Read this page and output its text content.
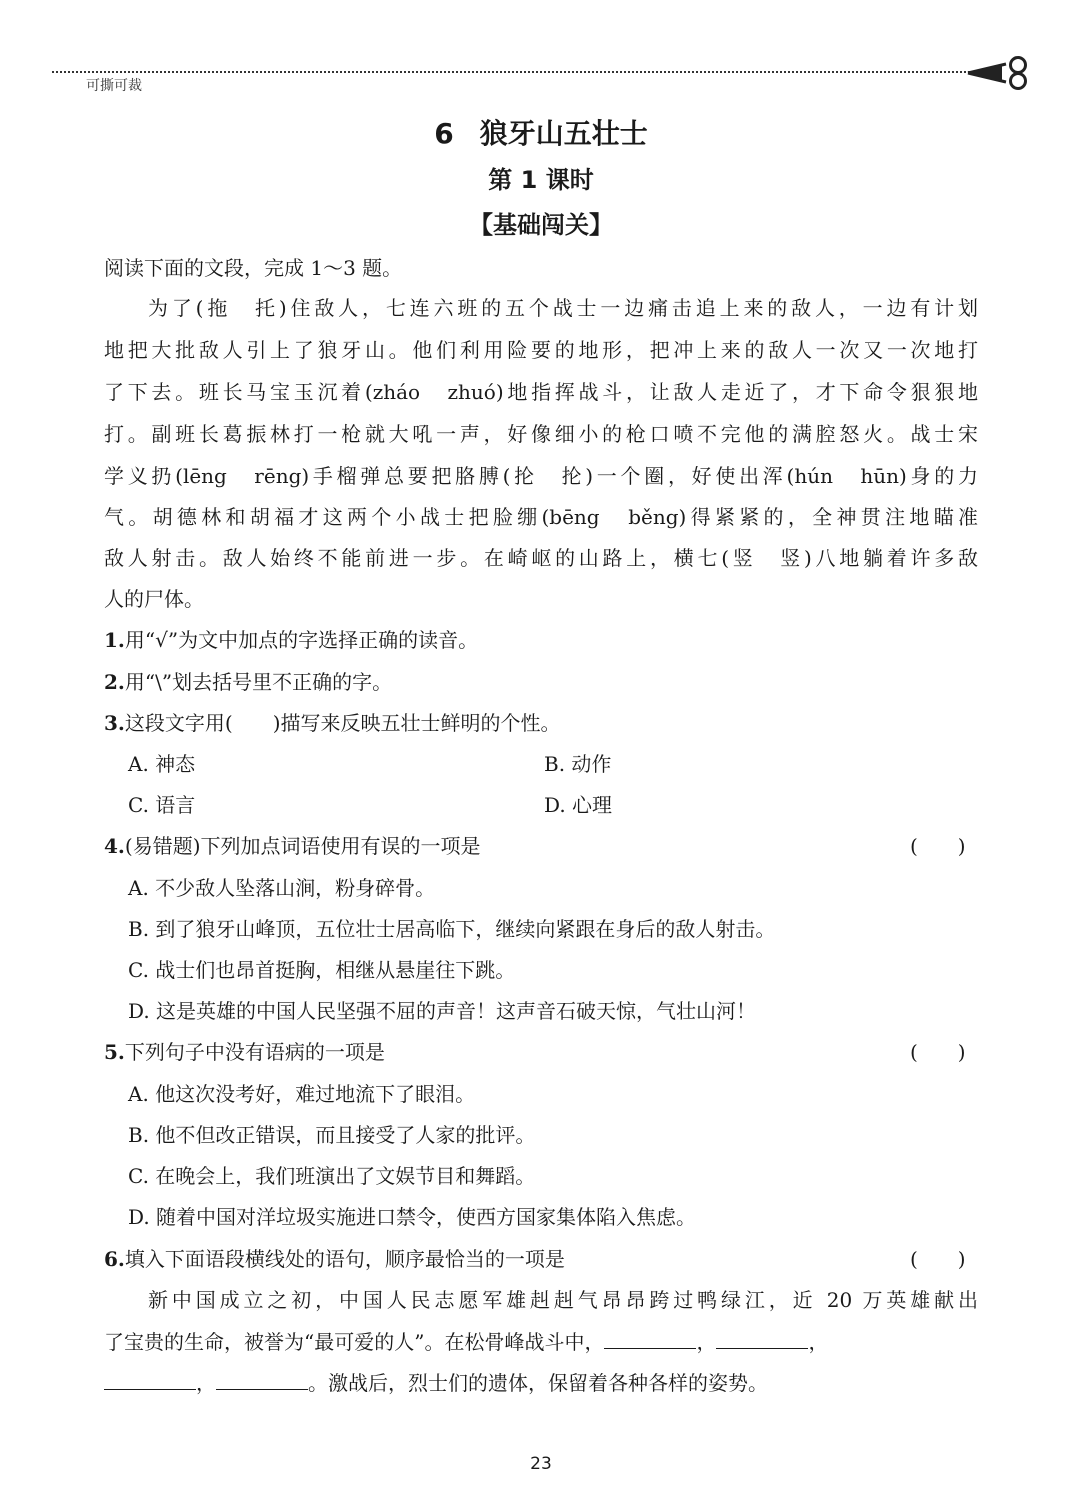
可撕可裁
6 狼牙山五壮士
第 1 课时
【基础闯关】
阅读下面的文段，完成 1～3 题。
为了(拖　托)住敌人，七连六班的五个战士一边痛击追上来的敌人，一边有计划
地把大批敌人引上了狼牙山。他们利用险要的地形，把冲上来的敌人一次又一次地打
了下去。班长马宝玉沉着(zháo　zhuó)地指挥战斗，让敌人走近了，才下命令狠狠地
打。副班长葛振林打一枪就大吼一声，好像细小的枪口喷不完他的满腔怒火。战士宋
学义扔(lēng　rēng)手榴弹总要把胳膊(抡　抡)一个圈，好使出浑(hún　hūn)身的力
气。胡德林和胡福才这两个小战士把脸绷(bēng　běng)得紧紧的，全神贯注地瞄准
敌人射击。敌人始终不能前进一步。在崎岖的山路上，横七(竖　竖)八地躺着许多敌
人的尸体。
1.用“√”为文中加点的字选择正确的读音。
2.用“\”划去括号里不正确的字。
3.这段文字用(　　)描写来反映五壮士鲜明的个性。
A. 神态	B. 动作
C. 语言	D. 心理
4.(易错题)下列加点词语使用有误的一项是	(　　)
A. 不少敌人坠落山涧，粉身碎骨。
B. 到了狼牙山峰顶，五位壮士居高临下，继续向紧跟在身后的敌人射击。
C. 战士们也昂首挺胸，相继从悬崖往下跳。
D. 这是英雄的中国人民坚强不屈的声音！这声音石破天惊，气壮山河！
5.下列句子中没有语病的一项是	(　　)
A. 他这次没考好，难过地流下了眼泪。
B. 他不但改正错误，而且接受了人家的批评。
C. 在晚会上，我们班演出了文娱节目和舞蹈。
D. 随着中国对洋垃圾实施进口禁令，使西方国家集体陷入焦虑。
6.填入下面语段横线处的语句，顺序最恰当的一项是	(　　)
新中国成立之初，中国人民志愿军雄赳赳气昂昂跨过鸭绿江，近 20 万英雄献出
了宝贵的生命，被誉为“最可爱的人”。在松骨峰战斗中，	，	，
，	。激战后，烈士们的遗体，保留着各种各样的姿势。
23
